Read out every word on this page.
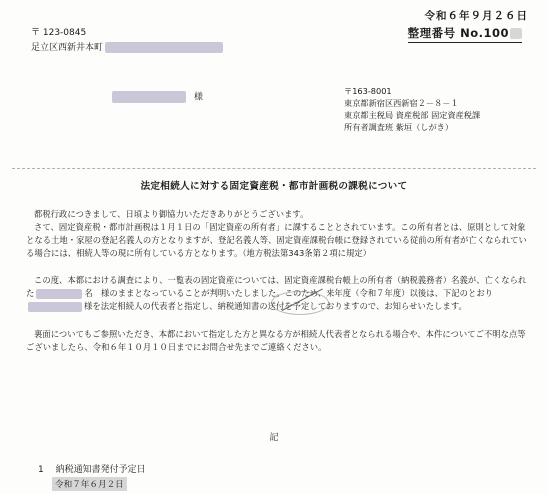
令和６年９月２６日
整理番号 No.100
〒 123-0845
足立区西新井本町
様
〒163-8001
東京都新宿区西新宿２－８－１
東京都主税局 資産税部 固定資産税課
所有者調査班 紫垣（しがき）
法定相続人に対する固定資産税・都市計画税の課税について
都税行政につきまして、日頃より御協力いただきありがとうございます。
さて、固定資産税・都市計画税は１月１日の「固定資産の所有者」に課することとされています。この所有者とは、原則として対象となる土地・家屋の登記名義人の方となりますが、登記名義人等、固定資産課税台帳に登録されている従前の所有者が亡くなられている場合には、相続人等の現に所有している方となります。（地方税法第343条第２項に規定）
この度、本都における調査により、一覧表の固定資産については、固定資産課税台帳上の所有者（納税義務者）名義が、亡くなられた	名　様のままとなっていることが判明いたしました。このため、来年度（令和７年度）以後は、下記のとおり様を法定相続人の代表者と指定し、納税通知書の送付を予定しておりますので、お知らせいたします。
裏面についてもご参照いただき、本都において指定した方と異なる方が相続人代表者となられる場合や、本件についてご不明な点等ございましたら、令和６年１０月１０日までにお問合せ先までご連絡ください。
記
1 納税通知書発付予定日
令和７年６月２日
